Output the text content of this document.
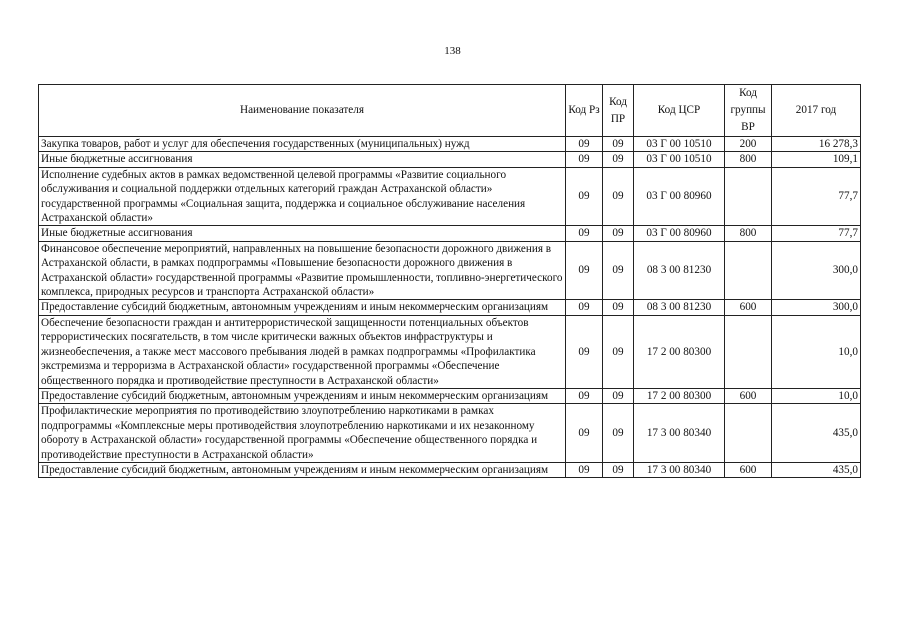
138
Наименование показателя	Код Рз	Код ПР	Код ЦСР	Код группы ВР	2017 год
Закупка товаров, работ и услуг для обеспечения государственных (муниципальных) нужд	09	09	03 Г 00 10510	200	16 278,3
Иные бюджетные ассигнования	09	09	03 Г 00 10510	800	109,1
Исполнение судебных актов в рамках ведомственной целевой программы «Развитие социального обслуживания и социальной поддержки отдельных категорий граждан Астраханской области» государственной программы «Социальная защита, поддержка и социальное обслуживание населения Астраханской области»	09	09	03 Г 00 80960		77,7
Иные бюджетные ассигнования	09	09	03 Г 00 80960	800	77,7
Финансовое обеспечение мероприятий, направленных на повышение безопасности дорожного движения в Астраханской области, в рамках подпрограммы «Повышение безопасности дорожного движения в Астраханской области» государственной программы «Развитие промышленности, топливно-энергетического комплекса, природных ресурсов и транспорта Астраханской области»	09	09	08 3 00 81230		300,0
Предоставление субсидий бюджетным, автономным учреждениям и иным некоммерческим организациям	09	09	08 3 00 81230	600	300,0
Обеспечение безопасности граждан и антитеррористической защищенности потенциальных объектов террористических посягательств, в том числе критически важных объектов инфраструктуры и жизнеобеспечения, а также мест массового пребывания людей в рамках подпрограммы «Профилактика экстремизма и терроризма в Астраханской области» государственной программы «Обеспечение общественного порядка и противодействие преступности в Астраханской области»	09	09	17 2 00 80300		10,0
Предоставление субсидий бюджетным, автономным учреждениям и иным некоммерческим организациям	09	09	17 2 00 80300	600	10,0
Профилактические мероприятия по противодействию злоупотреблению наркотиками в рамках подпрограммы «Комплексные меры противодействия злоупотреблению наркотиками и их незаконному обороту в Астраханской области» государственной программы «Обеспечение общественного порядка и противодействие преступности в Астраханской области»	09	09	17 3 00 80340		435,0
Предоставление субсидий бюджетным, автономным учреждениям и иным некоммерческим организациям	09	09	17 3 00 80340	600	435,0
